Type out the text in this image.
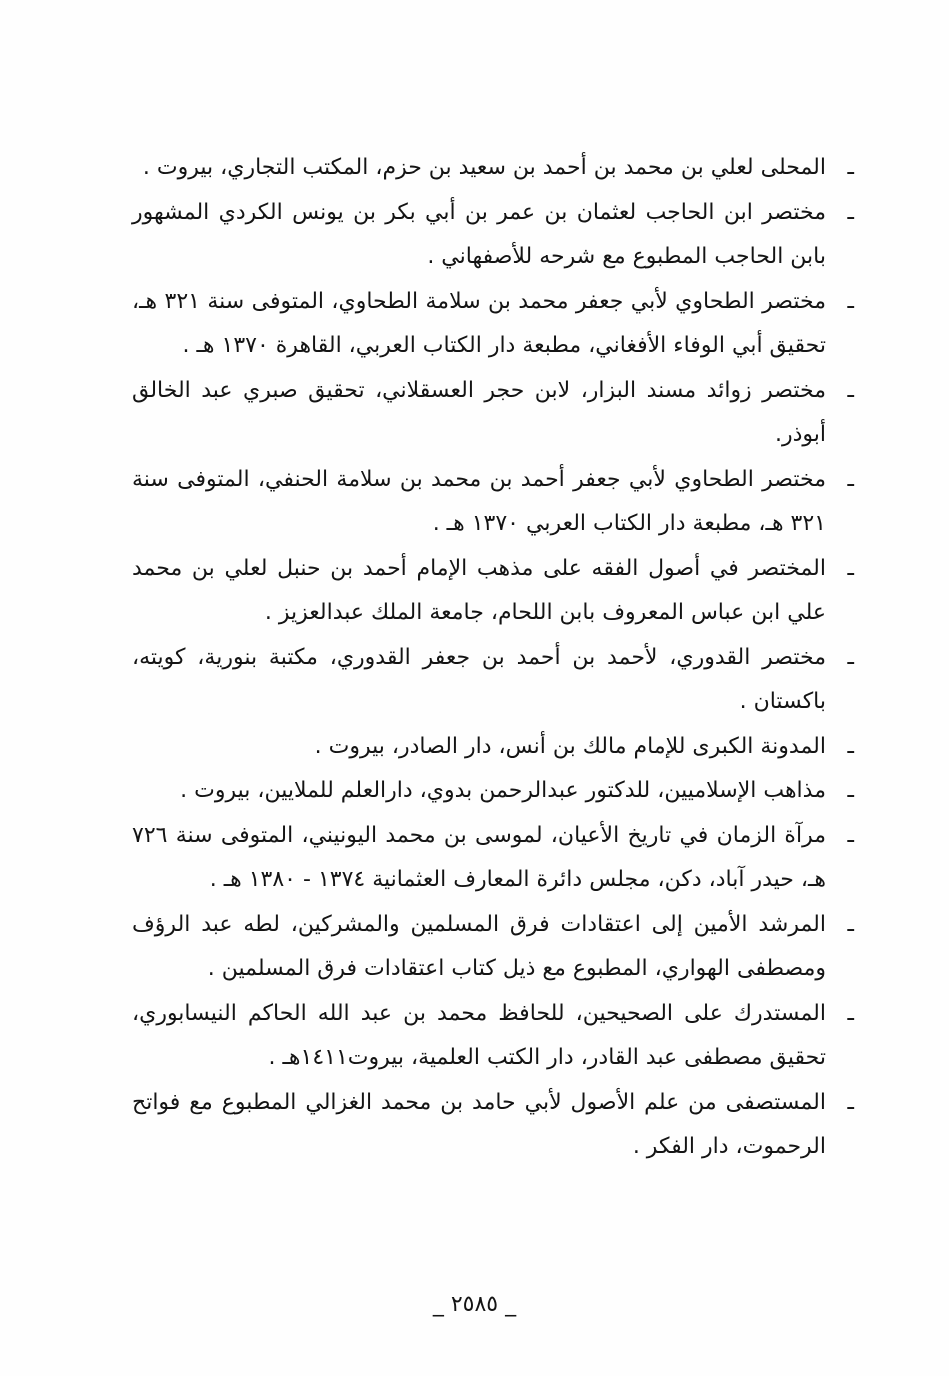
ـ
المحلى لعلي بن محمد بن أحمد بن سعيد بن حزم، المكتب التجاري، بيروت .
ـ
مختصر ابن الحاجب لعثمان بن عمر بن أبي بكر بن يونس الكردي المشهور بابن الحاجب المطبوع مع شرحه للأصفهاني .
ـ
مختصر الطحاوي لأبي جعفر محمد بن سلامة الطحاوي، المتوفى سنة ٣٢١ هـ، تحقيق أبي الوفاء الأفغاني، مطبعة دار الكتاب العربي، القاهرة ١٣٧٠ هـ .
ـ
مختصر زوائد مسند البزار، لابن حجر العسقلاني، تحقيق صبري عبد الخالق أبوذر.
ـ
مختصر الطحاوي لأبي جعفر أحمد بن محمد بن سلامة الحنفي، المتوفى سنة ٣٢١ هـ، مطبعة دار الكتاب العربي ١٣٧٠ هـ .
ـ
المختصر في أصول الفقه على مذهب الإمام أحمد بن حنبل لعلي بن محمد علي ابن عباس المعروف بابن اللحام، جامعة الملك عبدالعزيز .
ـ
مختصر القدوري، لأحمد بن أحمد بن جعفر القدوري، مكتبة بنورية، كويته، باكستان .
ـ
المدونة الكبرى للإمام مالك بن أنس، دار الصادر، بيروت .
ـ
مذاهب الإسلاميين، للدكتور عبدالرحمن بدوي، دارالعلم للملايين، بيروت .
ـ
مرآة الزمان في تاريخ الأعيان، لموسى بن محمد اليونيني، المتوفى سنة ٧٢٦ هـ، حيدر آباد، دكن، مجلس دائرة المعارف العثمانية ١٣٧٤ - ١٣٨٠ هـ .
ـ
المرشد الأمين إلى اعتقادات فرق المسلمين والمشركين، لطه عبد الرؤف ومصطفى الهواري، المطبوع مع ذيل كتاب اعتقادات فرق المسلمين .
ـ
المستدرك على الصحيحين، للحافظ محمد بن عبد الله الحاكم النيسابوري، تحقيق مصطفى عبد القادر، دار الكتب العلمية، بيروت١٤١١هـ .
ـ
المستصفى من علم الأصول لأبي حامد بن محمد الغزالي المطبوع مع فواتح الرحموت، دار الفكر .
_ ٢٥٨٥ _
